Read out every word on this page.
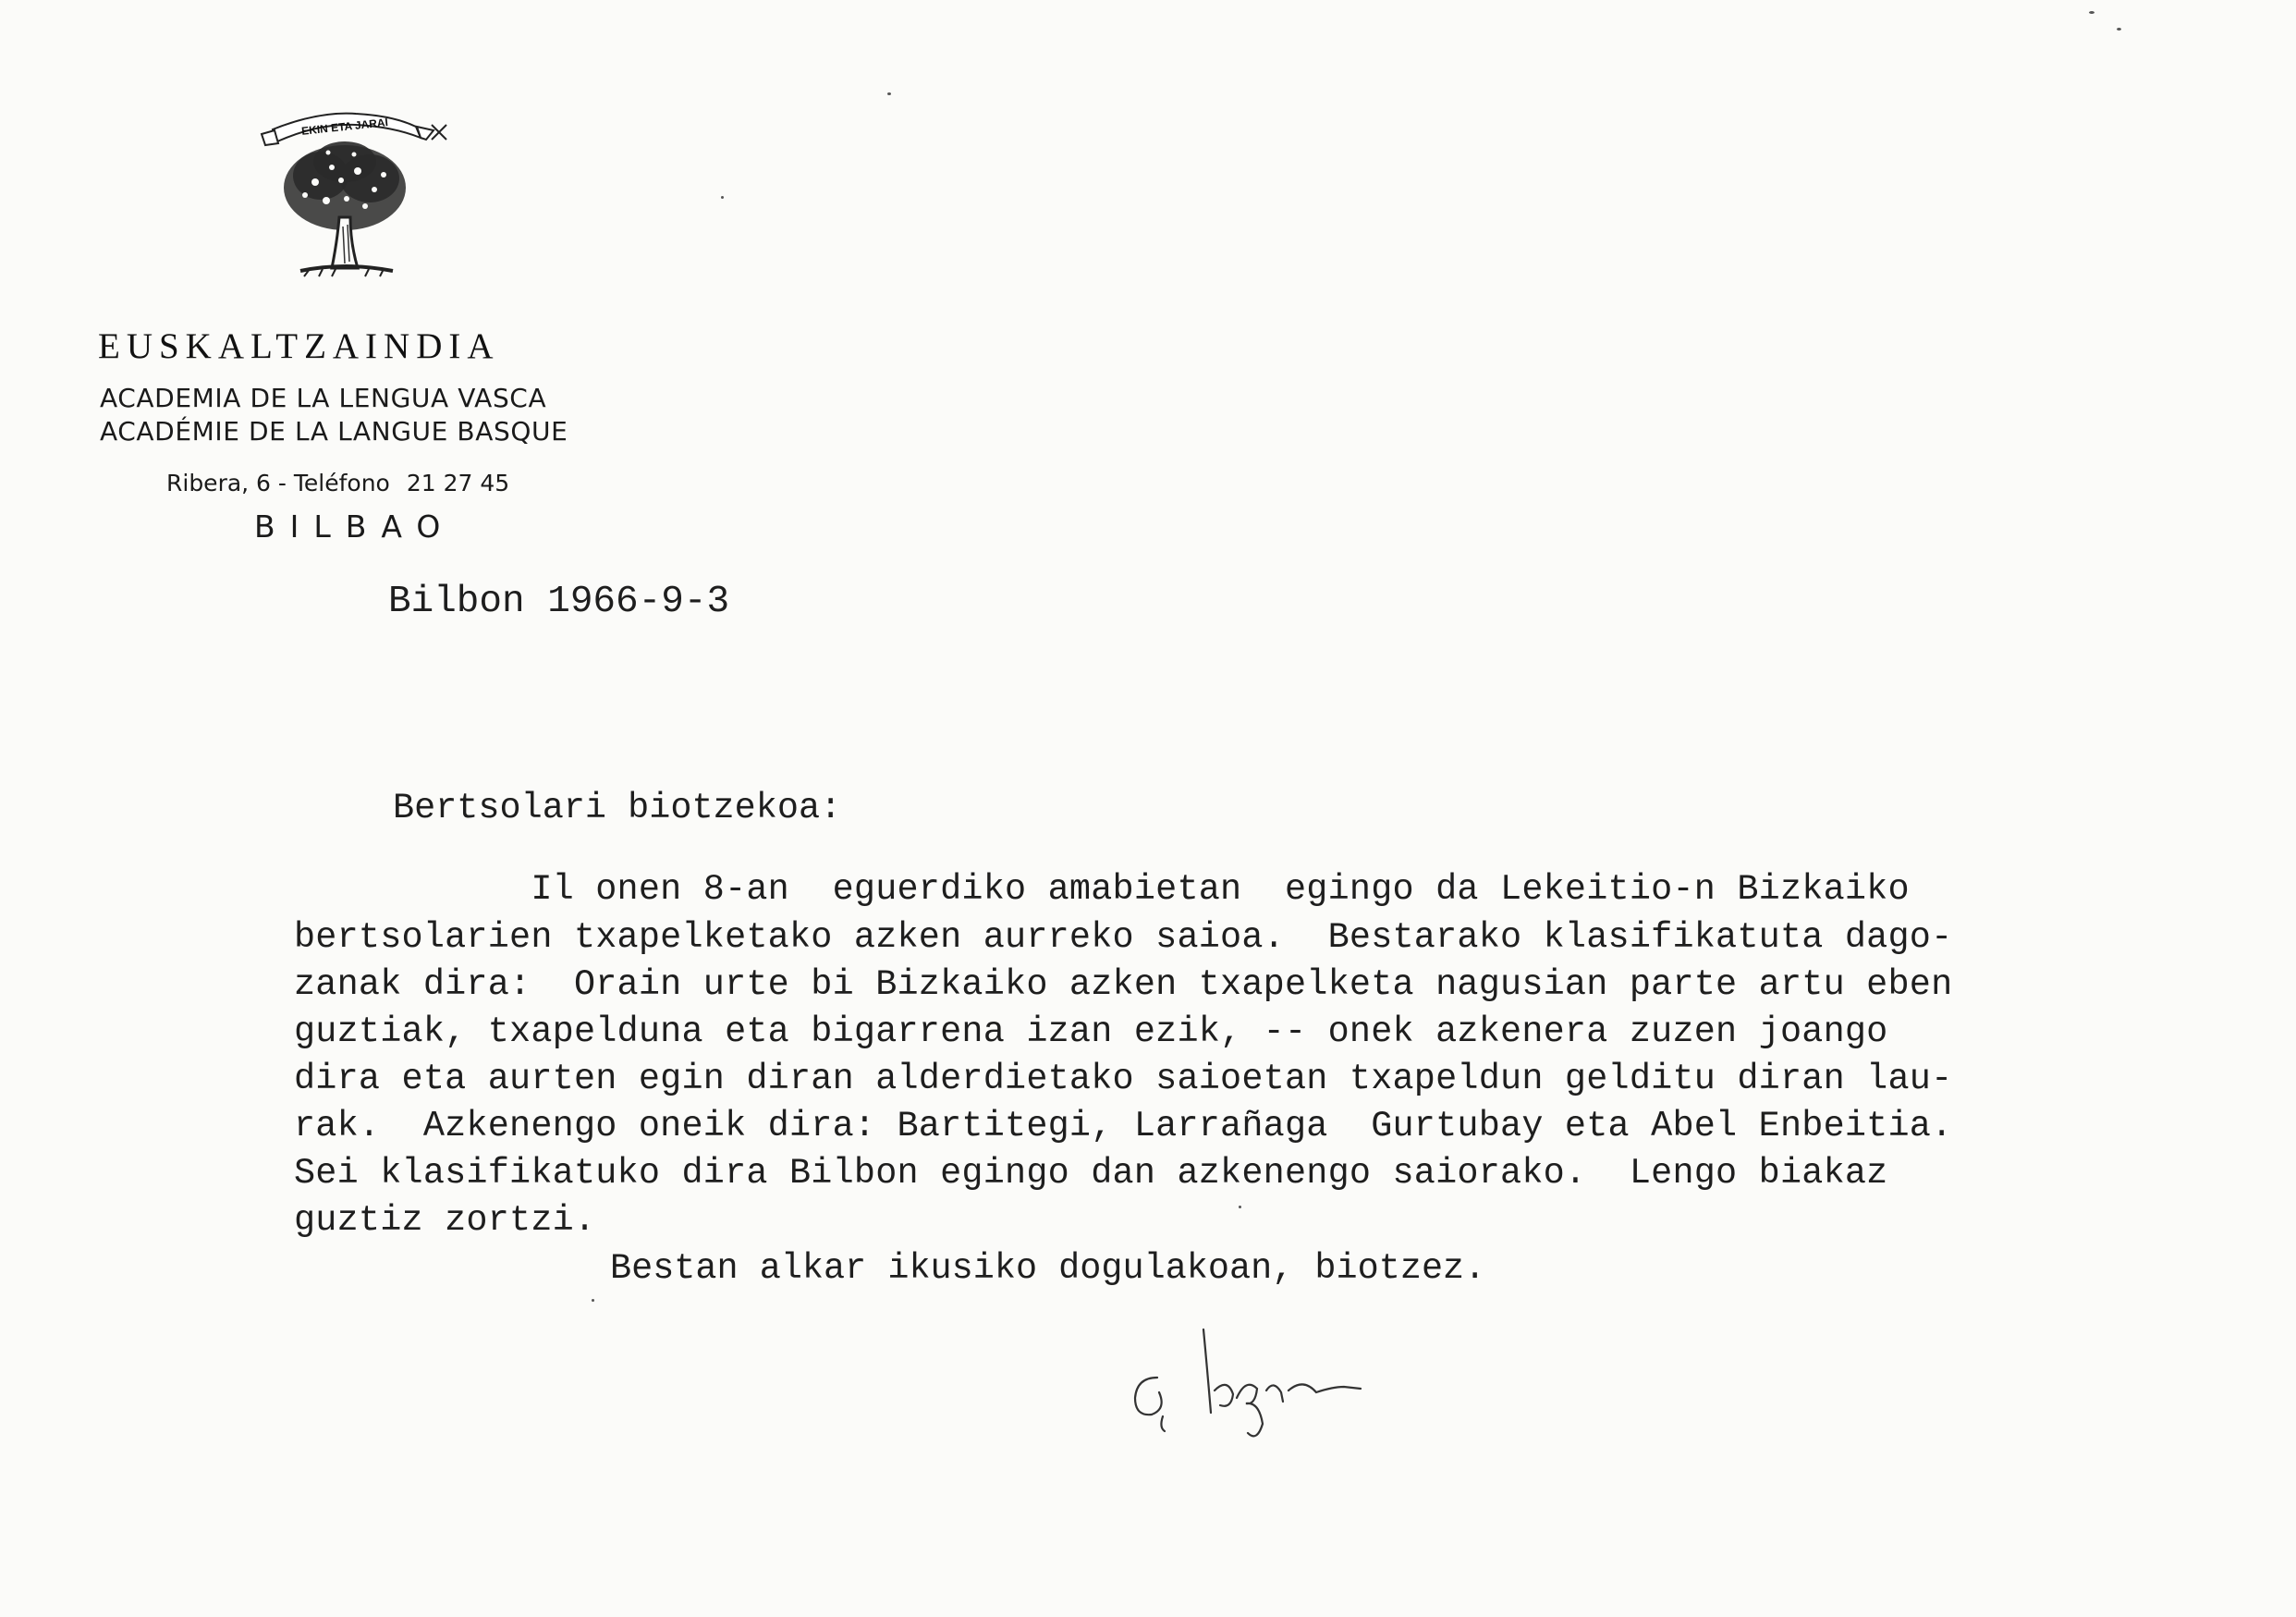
EKIN ETA JARAI
EUSKALTZAINDIA
ACADEMIA DE LA LENGUA VASCA
ACADÉMIE DE LA LANGUE BASQUE
Ribera, 6 - Teléfono 21 27 45
BILBAO
Bilbon 1966-9-3
Bertsolari biotzekoa:
Il onen 8-an  eguerdiko amabietan  egingo da Lekeitio-n Bizkaiko
bertsolarien txapelketako azken aurreko saioa.  Bestarako klasifikatuta dago-
zanak dira:  Orain urte bi Bizkaiko azken txapelketa nagusian parte artu eben
guztiak, txapelduna eta bigarrena izan ezik, -- onek azkenera zuzen joango
dira eta aurten egin diran alderdietako saioetan txapeldun gelditu diran lau-
rak.  Azkenengo oneik dira: Bartitegi, Larrañaga  Gurtubay eta Abel Enbeitia.
Sei klasifikatuko dira Bilbon egingo dan azkenengo saiorako.  Lengo biakaz
guztiz zortzi.
Bestan alkar ikusiko dogulakoan, biotzez.
